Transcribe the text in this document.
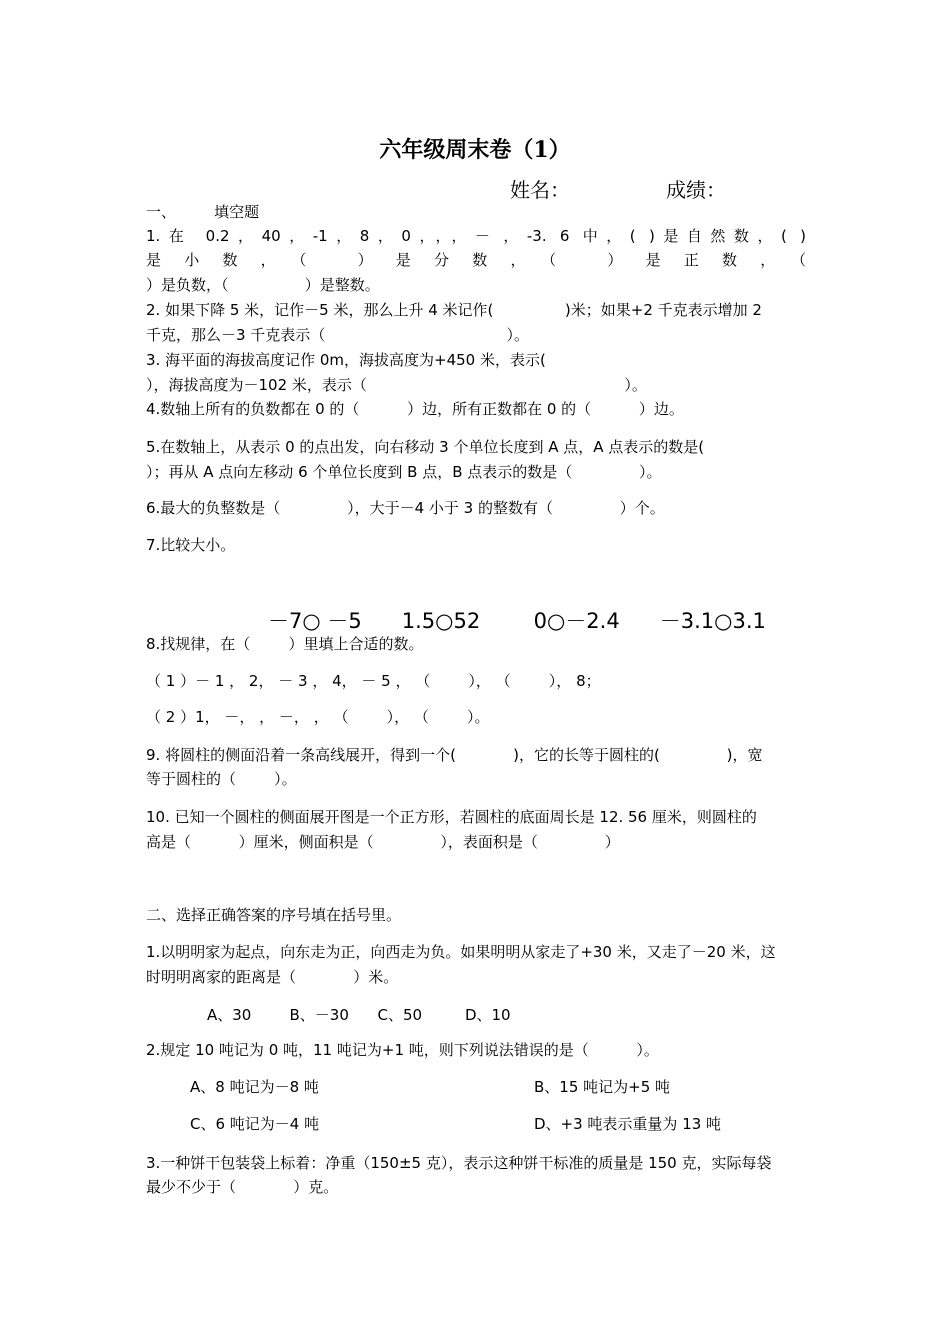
六年级周末卷（1）
姓名：	成绩：
一、        填空题
1.在 0.2，40，-1，8，0，，，－ ，-3. 6 中，( )是自然数，( )
是小数，（ ）是分数，（ ）是正数，（
）是负数，（                ）是整数。
2. 如果下降 5 米，记作－5 米，那么上升 4 米记作(               )米；如果+2 千克表示增加 2
千克，那么－3 千克表示（                                      ）。
3. 海平面的海拔高度记作 0m，海拔高度为+450 米，表示(
），海拔高度为－102 米，表示（                                                      ）。
4.数轴上所有的负数都在 0 的（          ）边，所有正数都在 0 的（          ）边。
5.在数轴上，从表示 0 的点出发，向右移动 3 个单位长度到 A 点，A 点表示的数是(
）；再从 A 点向左移动 6 个单位长度到 B 点，B 点表示的数是（              ）。
6.最大的负整数是（              ），大于－4 小于 3 的整数有（              ）个。
7.比较大小。

－7○ －5      1.5○52        0○－2.4      －3.1○3.1

8.找规律，在（        ）里填上合适的数。
（ 1 ）－ 1 ， 2， － 3 ， 4， － 5 ， （        ）， （        ）， 8；
（ 2 ）1， －， ， －， ， （        ）， （        ）。
9. 将圆柱的侧面沿着一条高线展开，得到一个(            )，它的长等于圆柱的(              )，宽
等于圆柱的（        ）。
10. 已知一个圆柱的侧面展开图是一个正方形，若圆柱的底面周长是 12. 56 厘米，则圆柱的
高是（          ）厘米，侧面积是（              ），表面积是（              ）
二、选择正确答案的序号填在括号里。
1.以明明家为起点，向东走为正，向西走为负。如果明明从家走了+30 米，又走了－20 米，这
时明明离家的距离是（            ）米。
A、30        B、－30      C、50         D、10
2.规定 10 吨记为 0 吨，11 吨记为+1 吨，则下列说法错误的是（          ）。
A、8 吨记为－8 吨	B、15 吨记为+5 吨
C、6 吨记为－4 吨	D、+3 吨表示重量为 13 吨
3.一种饼干包装袋上标着：净重（150±5 克），表示这种饼干标准的质量是 150 克，实际每袋
最少不少于（            ）克。
